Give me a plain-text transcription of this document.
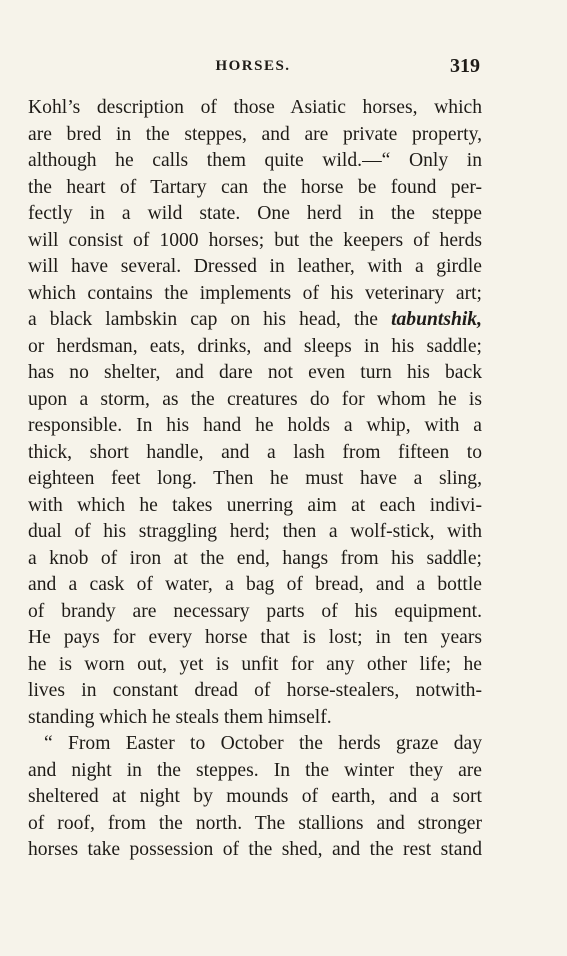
HORSES.	319
Kohl’s description of those Asiatic horses, which
are bred in the steppes, and are private property,
although he calls them quite wild.—“ Only in
the heart of Tartary can the horse be found per-
fectly in a wild state. One herd in the steppe
will consist of 1000 horses; but the keepers of herds
will have several. Dressed in leather, with a girdle
which contains the implements of his veterinary art;
a black lambskin cap on his head, the tabuntshik,
or herdsman, eats, drinks, and sleeps in his saddle;
has no shelter, and dare not even turn his back
upon a storm, as the creatures do for whom he is
responsible. In his hand he holds a whip, with a
thick, short handle, and a lash from fifteen to
eighteen feet long. Then he must have a sling,
with which he takes unerring aim at each indivi-
dual of his straggling herd; then a wolf-stick, with
a knob of iron at the end, hangs from his saddle;
and a cask of water, a bag of bread, and a bottle
of brandy are necessary parts of his equipment.
He pays for every horse that is lost; in ten years
he is worn out, yet is unfit for any other life; he
lives in constant dread of horse-stealers, notwith-
standing which he steals them himself.
“ From Easter to October the herds graze day
and night in the steppes. In the winter they are
sheltered at night by mounds of earth, and a sort
of roof, from the north. The stallions and stronger
horses take possession of the shed, and the rest stand
